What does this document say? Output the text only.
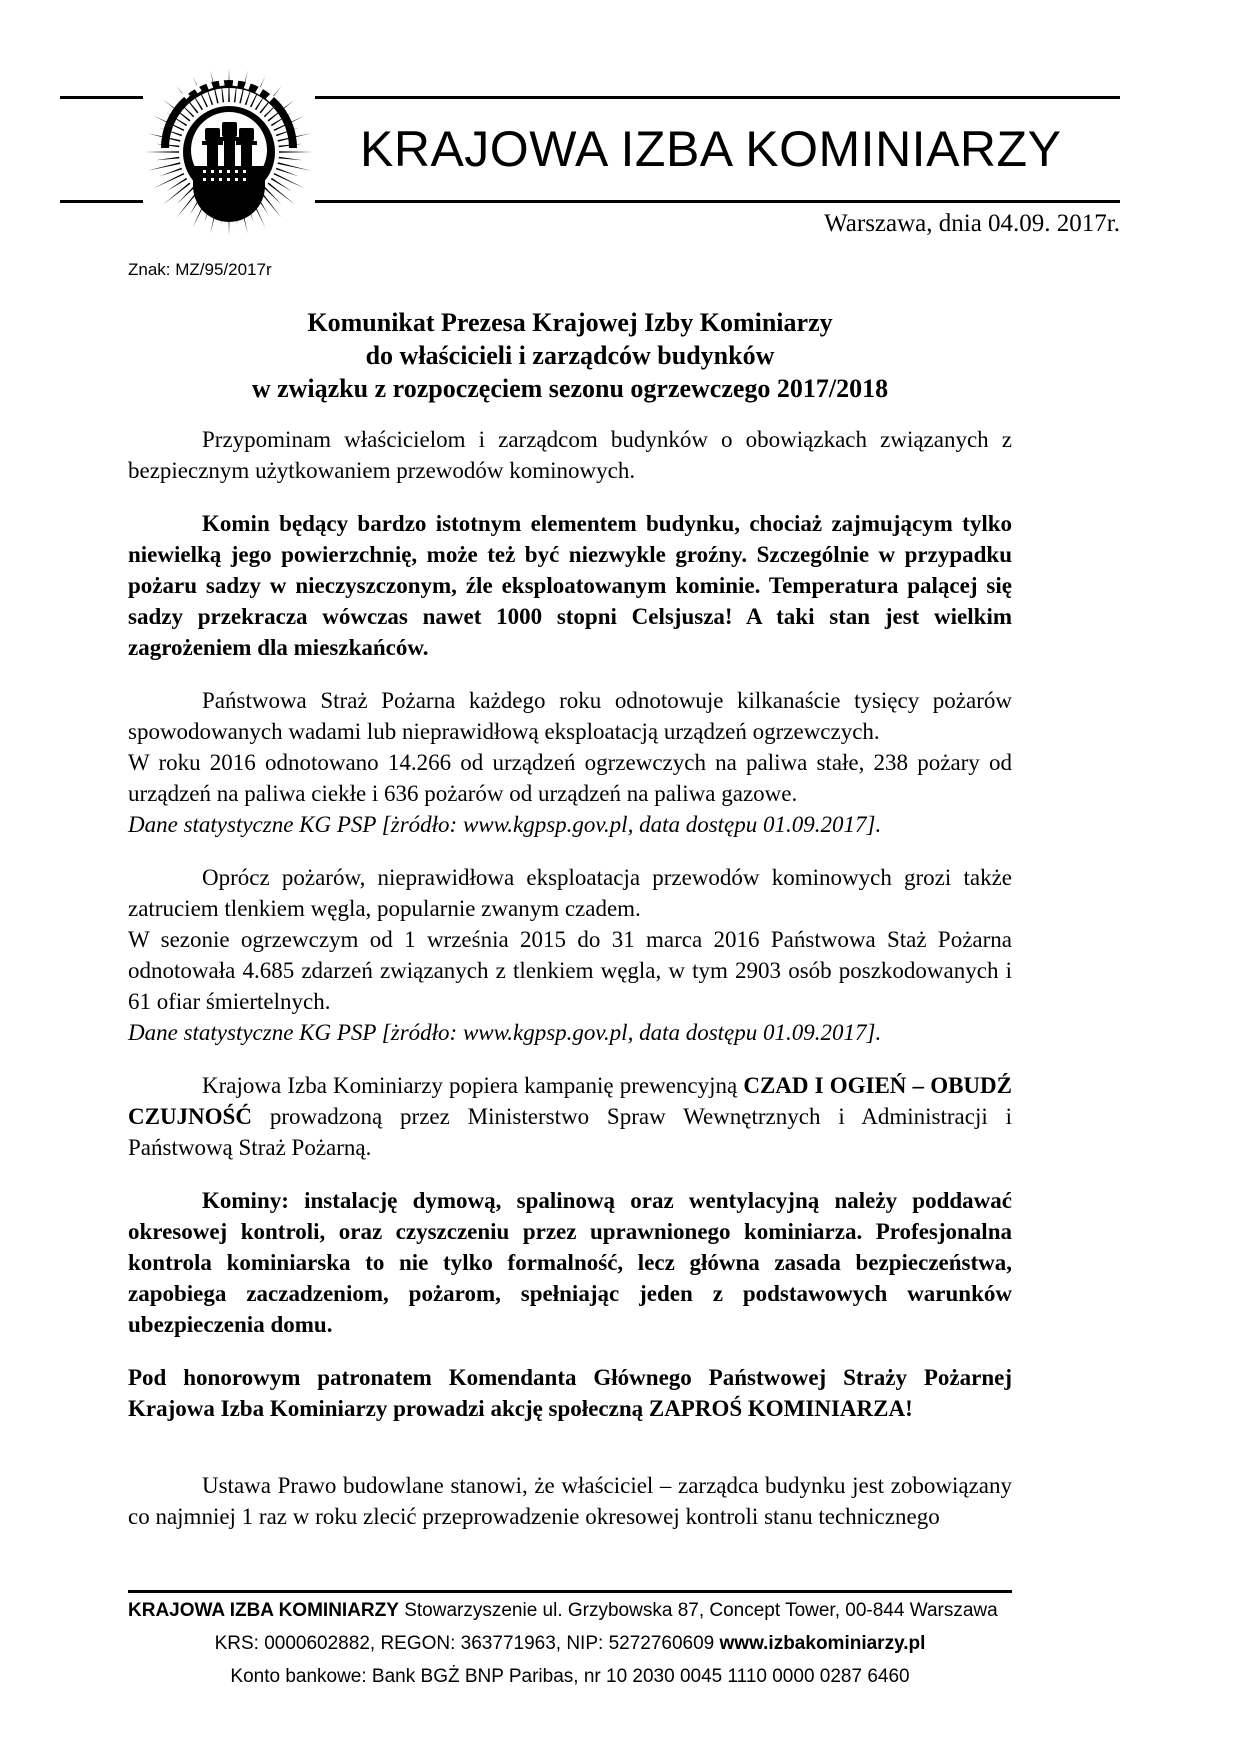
KRAJOWA IZBA KOMINIARZY
Warszawa, dnia 04.09. 2017r.
Znak: MZ/95/2017r
Komunikat Prezesa Krajowej Izby Kominiarzy
do właścicieli i zarządców budynków
w związku z rozpoczęciem sezonu ogrzewczego 2017/2018

Przypominam właścicielom i zarządcom budynków o obowiązkach związanych z bezpiecznym użytkowaniem przewodów kominowych.

Komin będący bardzo istotnym elementem budynku, chociaż zajmującym tylko niewielką jego powierzchnię, może też być niezwykle groźny. Szczególnie w przypadku pożaru sadzy w nieczyszczonym, źle eksploatowanym kominie. Temperatura palącej się sadzy przekracza wówczas nawet 1000 stopni Celsjusza! A taki stan jest wielkim zagrożeniem dla mieszkańców.

Państwowa Straż Pożarna każdego roku odnotowuje kilkanaście tysięcy pożarów spowodowanych wadami lub nieprawidłową eksploatacją urządzeń ogrzewczych.

W roku 2016 odnotowano 14.266 od urządzeń ogrzewczych na paliwa stałe, 238 pożary od urządzeń na paliwa ciekłe i 636 pożarów od urządzeń na paliwa gazowe.

Dane statystyczne KG PSP [żródło: www.kgpsp.gov.pl, data dostępu 01.09.2017].

Oprócz pożarów, nieprawidłowa eksploatacja przewodów kominowych grozi także zatruciem tlenkiem węgla, popularnie zwanym czadem.

W sezonie ogrzewczym od 1 września 2015 do 31 marca 2016 Państwowa Staż Pożarna odnotowała 4.685 zdarzeń związanych z tlenkiem węgla, w tym 2903 osób poszkodowanych i 61 ofiar śmiertelnych.

Dane statystyczne KG PSP [żródło: www.kgpsp.gov.pl, data dostępu 01.09.2017].

Krajowa Izba Kominiarzy popiera kampanię prewencyjną CZAD I OGIEŃ – OBUDŹ CZUJNOŚĆ prowadzoną przez Ministerstwo Spraw Wewnętrznych i Administracji i Państwową Straż Pożarną.

Kominy: instalację dymową, spalinową oraz wentylacyjną należy poddawać okresowej kontroli, oraz czyszczeniu przez uprawnionego kominiarza. Profesjonalna kontrola kominiarska to nie tylko formalność, lecz główna zasada bezpieczeństwa, zapobiega zaczadzeniom, pożarom, spełniając jeden z podstawowych warunków ubezpieczenia domu.

Pod honorowym patronatem Komendanta Głównego Państwowej Straży Pożarnej Krajowa Izba Kominiarzy prowadzi akcję społeczną ZAPROŚ KOMINIARZA!

Ustawa Prawo budowlane stanowi, że właściciel – zarządca budynku jest zobowiązany co najmniej 1 raz w roku zlecić przeprowadzenie okresowej kontroli stanu technicznego

KRAJOWA IZBA KOMINIARZY Stowarzyszenie ul. Grzybowska 87, Concept Tower, 00-844 Warszawa
KRS: 0000602882, REGON: 363771963, NIP: 5272760609 www.izbakominiarzy.pl
Konto bankowe: Bank BGŻ BNP Paribas, nr 10 2030 0045 1110 0000 0287 6460
